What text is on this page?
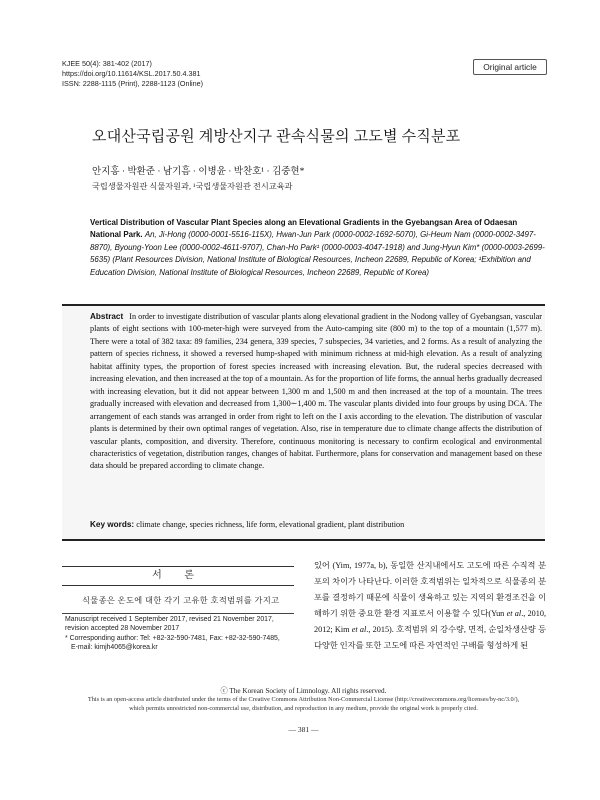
KJEE 50(4): 381-402 (2017)
https://doi.org/10.11614/KSL.2017.50.4.381
ISSN: 2288-1115 (Print), 2288-1123 (Online)
Original article
오대산국립공원 계방산지구 관속식물의 고도별 수직분포
안지홍 · 박환준 · 남기흠 · 이병윤 · 박찬호¹ · 김중현*
국립생물자원관 식물자원과, ¹국립생물자원관 전시교육과
Vertical Distribution of Vascular Plant Species along an Elevational Gradients in the Gyebangsan Area of Odaesan National Park. An, Ji-Hong (0000-0001-5516-115X), Hwan-Jun Park (0000-0002-1692-5070), Gi-Heum Nam (0000-0002-3497-8870), Byoung-Yoon Lee (0000-0002-4611-9707), Chan-Ho Park¹ (0000-0003-4047-1918) and Jung-Hyun Kim* (0000-0003-2699-5635) (Plant Resources Division, National Institute of Biological Resources, Incheon 22689, Republic of Korea; ¹Exhibition and Education Division, National Institute of Biological Resources, Incheon 22689, Republic of Korea)
Abstract In order to investigate distribution of vascular plants along elevational gradient in the Nodong valley of Gyebangsan, vascular plants of eight sections with 100-meter-high were surveyed from the Auto-camping site (800 m) to the top of a mountain (1,577 m). There were a total of 382 taxa: 89 families, 234 genera, 339 species, 7 subspecies, 34 varieties, and 2 forms. As a result of analyzing the pattern of species richness, it showed a reversed hump-shaped with minimum richness at mid-high elevation. As a result of analyzing habitat affinity types, the proportion of forest species increased with increasing elevation. But, the ruderal species decreased with increasing elevation, and then increased at the top of a mountain. As for the proportion of life forms, the annual herbs gradually decreased with increasing elevation, but it did not appear between 1,300 m and 1,500 m and then increased at the top of a mountain. The trees gradually increased with elevation and decreased from 1,300∼1,400 m. The vascular plants divided into four groups by using DCA. The arrangement of each stands was arranged in order from right to left on the I axis according to the elevation. The distribution of vascular plants is determined by their own optimal ranges of vegetation. Also, rise in temperature due to climate change affects the distribution of vascular plants, composition, and diversity. Therefore, continuous monitoring is necessary to confirm ecological and environmental characteristics of vegetation, distribution ranges, changes of habitat. Furthermore, plans for conservation and management based on these data should be prepared according to climate change.
Key words: climate change, species richness, life form, elevational gradient, plant distribution
서 론
식물종은 온도에 대한 각기 고유한 호적범위를 가지고
Manuscript received 1 September 2017, revised 21 November 2017,
revision accepted 28 November 2017
* Corresponding author: Tel: +82-32-590-7481, Fax: +82-32-590-7485,
E-mail: kimjh4065@korea.kr
있어 (Yim, 1977a, b), 동일한 산지내에서도 고도에 따른 수직적 분포의 차이가 나타난다. 이러한 호적범위는 일차적으로 식물종의 분포를 결정하기 때문에 식물이 생육하고 있는 지역의 환경조건을 이해하기 위한 중요한 환경 지표로서 이용할 수 있다(Yun et al., 2010, 2012; Kim et al., 2015). 호적범위 외 강수량, 면적, 순일차생산량 등 다양한 인자를 또한 고도에 따른 자연적인 구배를 형성하게 된
ⓒ The Korean Society of Limnology. All rights reserved.
This is an open-access article distributed under the terms of the Creative Commons Attribution Non-Commercial License (http://creativecommons.org/licenses/by-nc/3.0/),
which permits unrestricted non-commercial use, distribution, and reproduction in any medium, provide the original work is properly cited.
— 381 —
